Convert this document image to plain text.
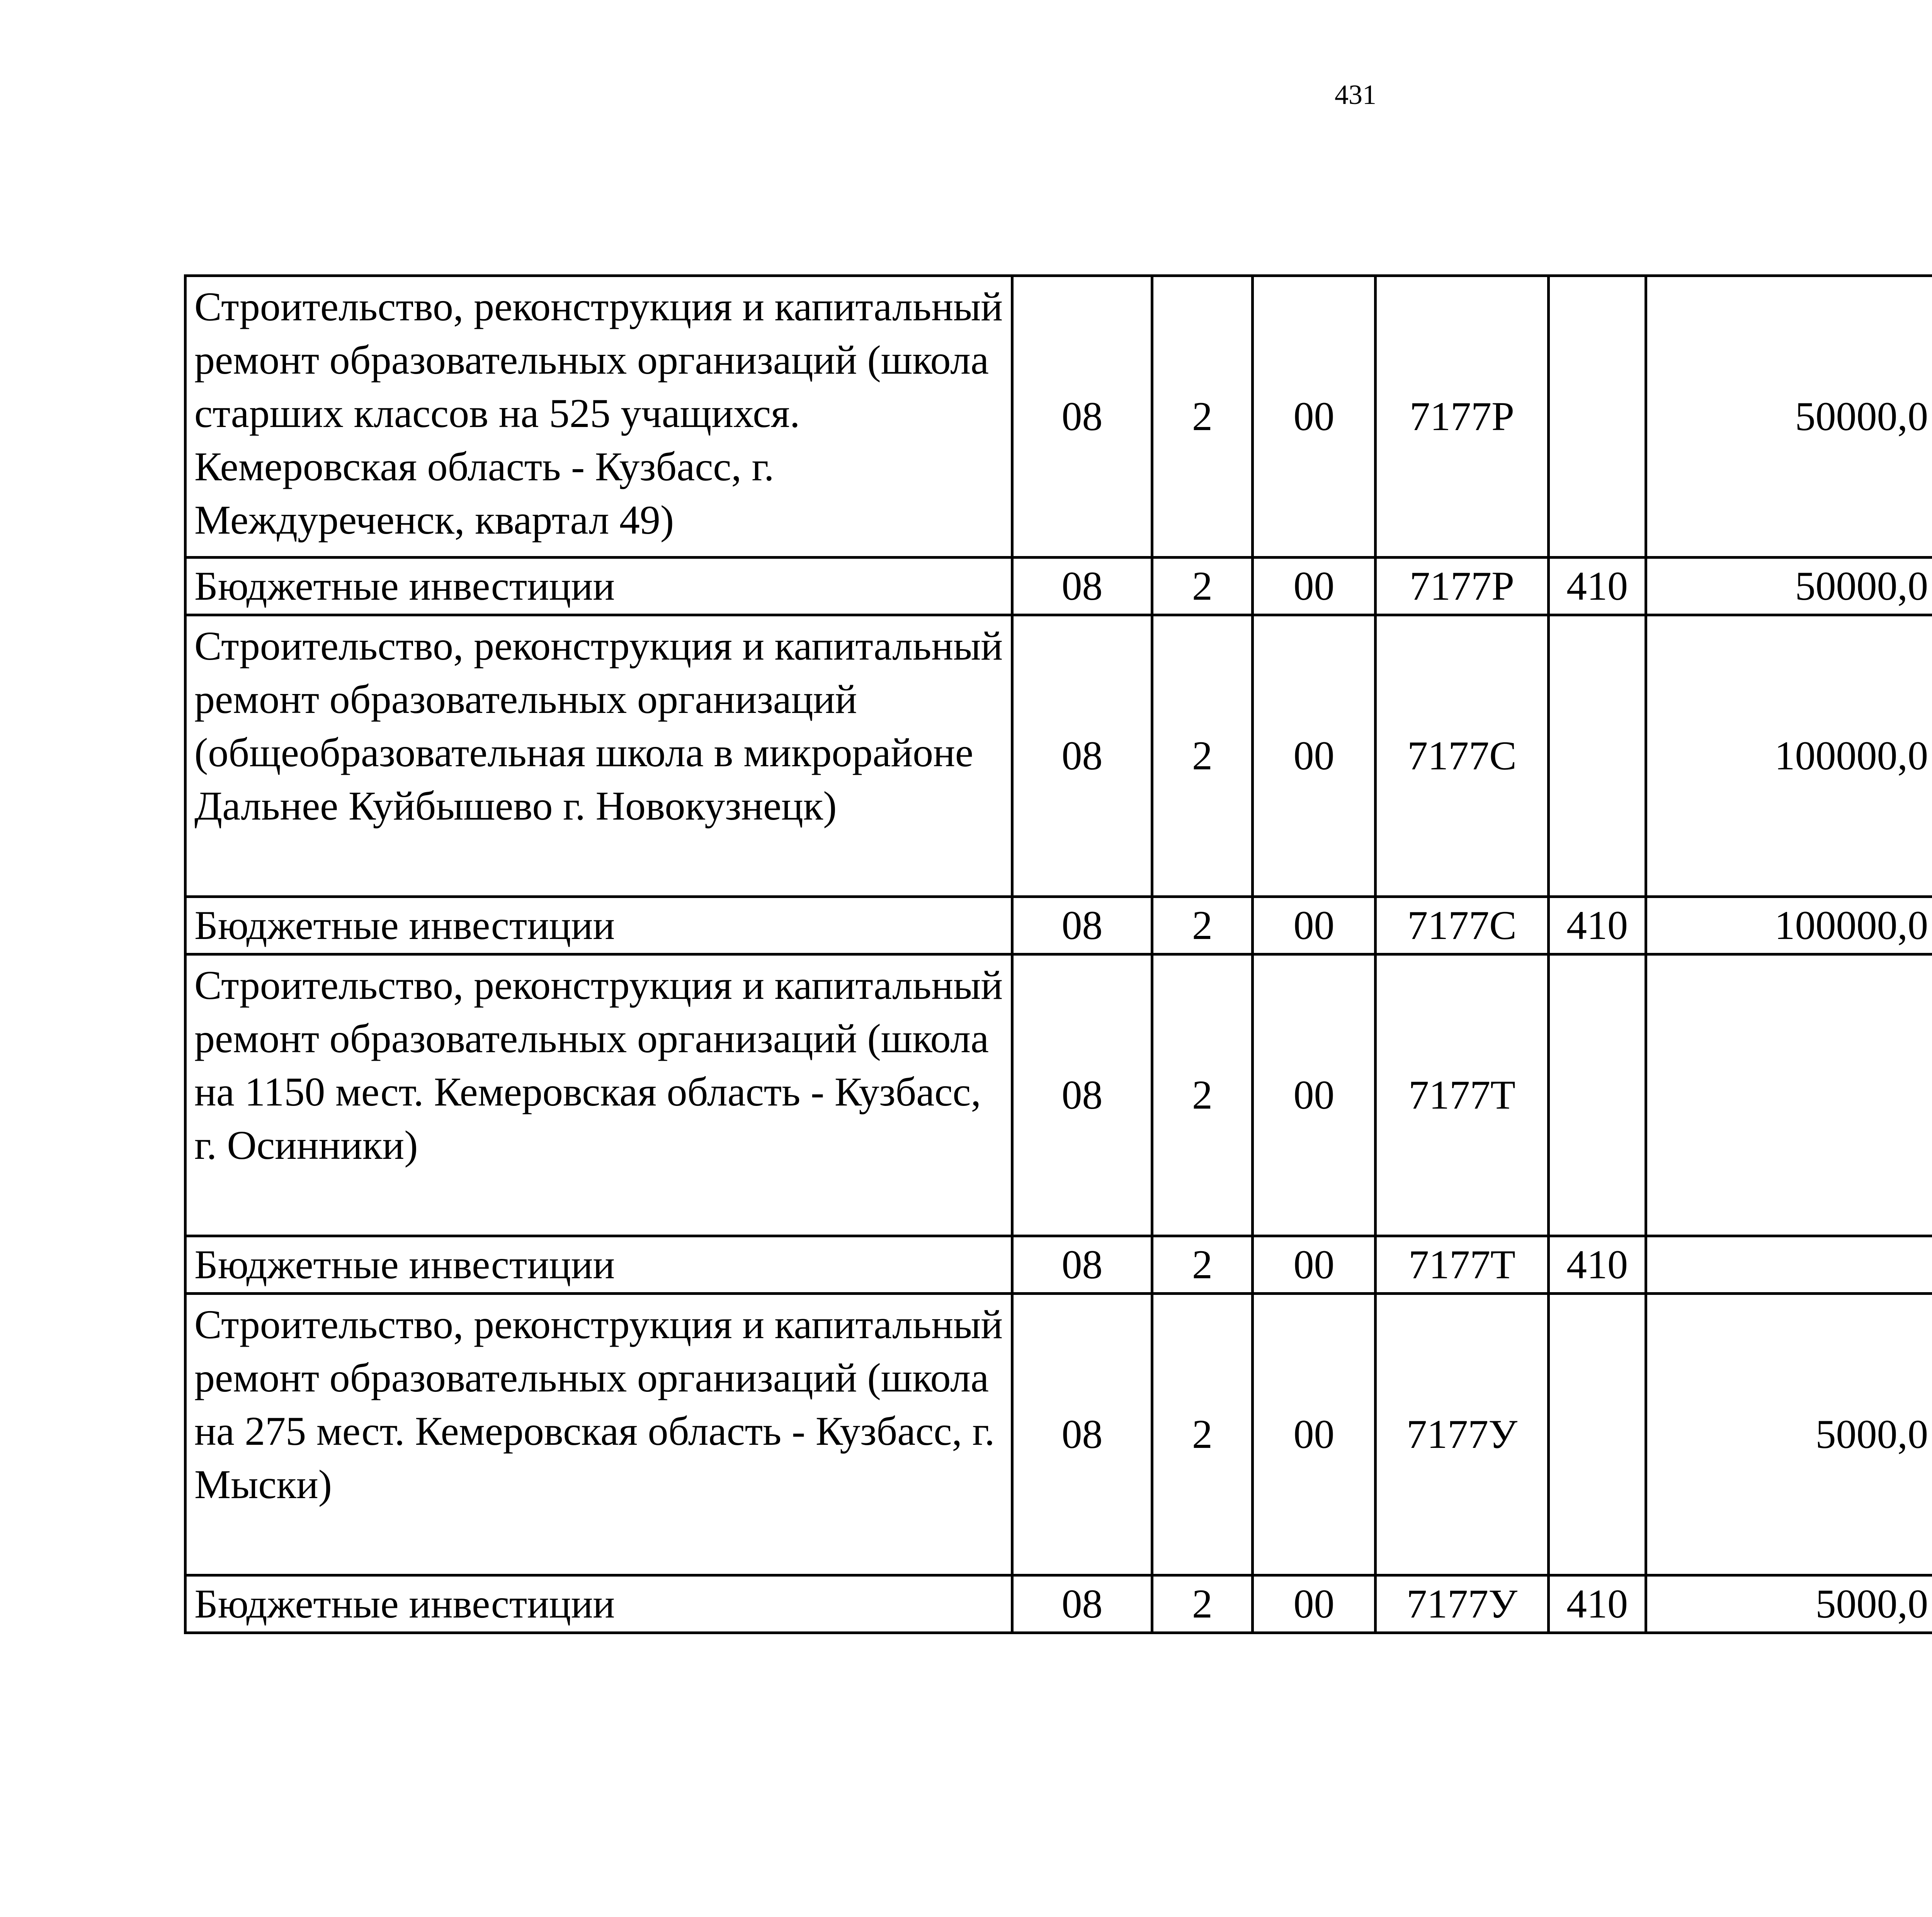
431
Строительство, реконструкция и капитальный ремонт образовательных организаций (школа старших классов на 525 учащихся. Кемеровская область - Кузбасс, г. Междуреченск, квартал 49)	08	2	00	7177Р		50000,0		
Бюджетные инвестиции	08	2	00	7177Р	410	50000,0		
Строительство, реконструкция и капитальный ремонт образовательных организаций (общеобразовательная школа в микрорайоне Дальнее Куйбышево г. Новокузнецк)	08	2	00	7177С		100000,0		
Бюджетные инвестиции	08	2	00	7177С	410	100000,0		
Строительство, реконструкция и капитальный ремонт образовательных организаций (школа на 1150 мест. Кемеровская область - Кузбасс, г. Осинники)	08	2	00	7177Т				
Бюджетные инвестиции	08	2	00	7177Т	410			
Строительство, реконструкция и капитальный ремонт образовательных организаций (школа на 275 мест. Кемеровская область - Кузбасс, г. Мыски)	08	2	00	7177У		5000,0		
Бюджетные инвестиции	08	2	00	7177У	410	5000,0		
